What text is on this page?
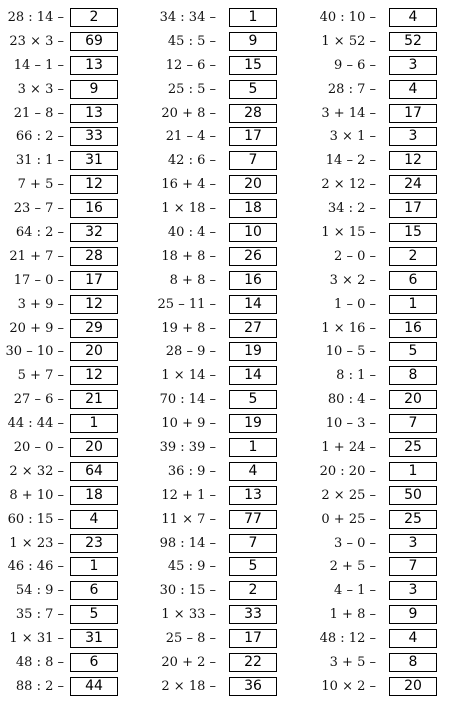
28 : 14 –	2
23 × 3 –	69
14 – 1 –	13
3 × 3 –	9
21 – 8 –	13
66 : 2 –	33
31 : 1 –	31
7 + 5 –	12
23 – 7 –	16
64 : 2 –	32
21 + 7 –	28
17 – 0 –	17
3 + 9 –	12
20 + 9 –	29
30 – 10 –	20
5 + 7 –	12
27 – 6 –	21
44 : 44 –	1
20 – 0 –	20
2 × 32 –	64
8 + 10 –	18
60 : 15 –	4
1 × 23 –	23
46 : 46 –	1
54 : 9 –	6
35 : 7 –	5
1 × 31 –	31
48 : 8 –	6
88 : 2 –	44
34 : 34 –	1
45 : 5 –	9
12 – 6 –	15
25 : 5 –	5
20 + 8 –	28
21 – 4 –	17
42 : 6 –	7
16 + 4 –	20
1 × 18 –	18
40 : 4 –	10
18 + 8 –	26
8 + 8 –	16
25 – 11 –	14
19 + 8 –	27
28 – 9 –	19
1 × 14 –	14
70 : 14 –	5
10 + 9 –	19
39 : 39 –	1
36 : 9 –	4
12 + 1 –	13
11 × 7 –	77
98 : 14 –	7
45 : 9 –	5
30 : 15 –	2
1 × 33 –	33
25 – 8 –	17
20 + 2 –	22
2 × 18 –	36
40 : 10 –	4
1 × 52 –	52
9 – 6 –	3
28 : 7 –	4
3 + 14 –	17
3 × 1 –	3
14 – 2 –	12
2 × 12 –	24
34 : 2 –	17
1 × 15 –	15
2 – 0 –	2
3 × 2 –	6
1 – 0 –	1
1 × 16 –	16
10 – 5 –	5
8 : 1 –	8
80 : 4 –	20
10 – 3 –	7
1 + 24 –	25
20 : 20 –	1
2 × 25 –	50
0 + 25 –	25
3 – 0 –	3
2 + 5 –	7
4 – 1 –	3
1 + 8 –	9
48 : 12 –	4
3 + 5 –	8
10 × 2 –	20
